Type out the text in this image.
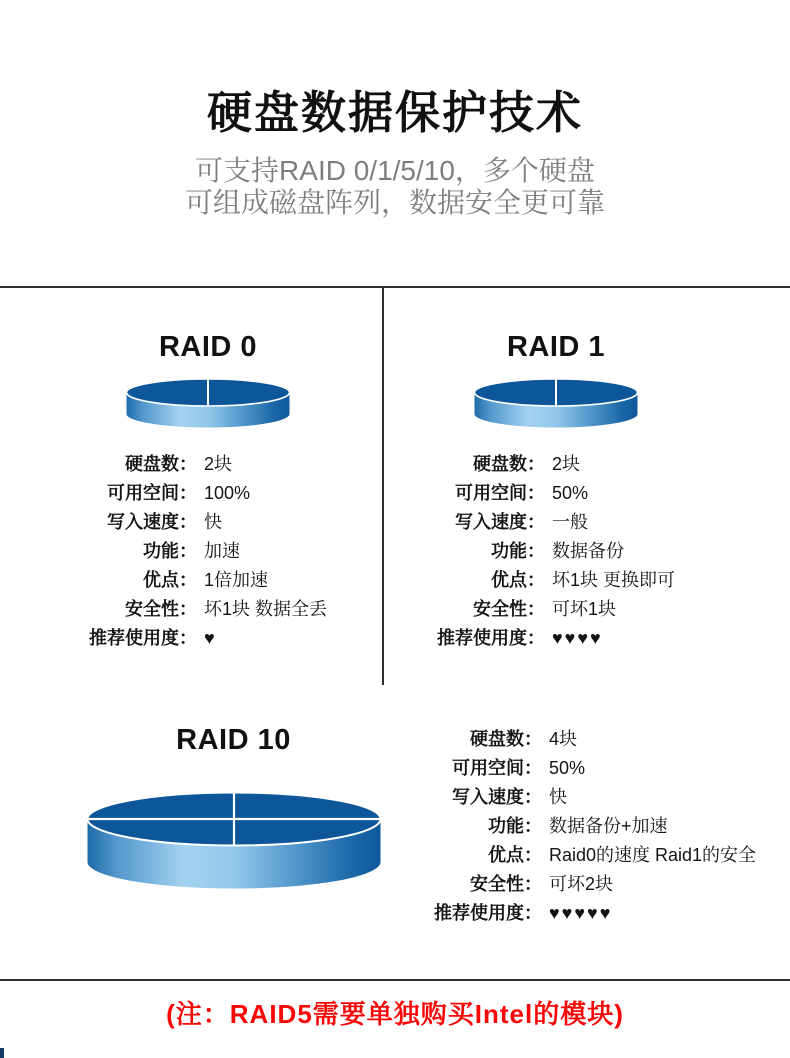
硬盘数据保护技术

可支持RAID 0/1/5/10，多个硬盘
可组成磁盘阵列，数据安全更可靠

RAID 0
硬盘数：	2块
可用空间：	100%
写入速度：	快
功能：	加速
优点：	1倍加速
安全性：	坏1块 数据全丢
推荐使用度：	♥
RAID 1
硬盘数：	2块
可用空间：	50%
写入速度：	一般
功能：	数据备份
优点：	坏1块 更换即可
安全性：	可坏1块
推荐使用度：	♥♥♥♥
RAID 10	硬盘数：	4块
可用空间：	50%
写入速度：	快
功能：	数据备份+加速
优点：	Raid0的速度 Raid1的安全
安全性：	可坏2块
推荐使用度：	♥♥♥♥♥

(注：RAID5需要单独购买Intel的模块)
